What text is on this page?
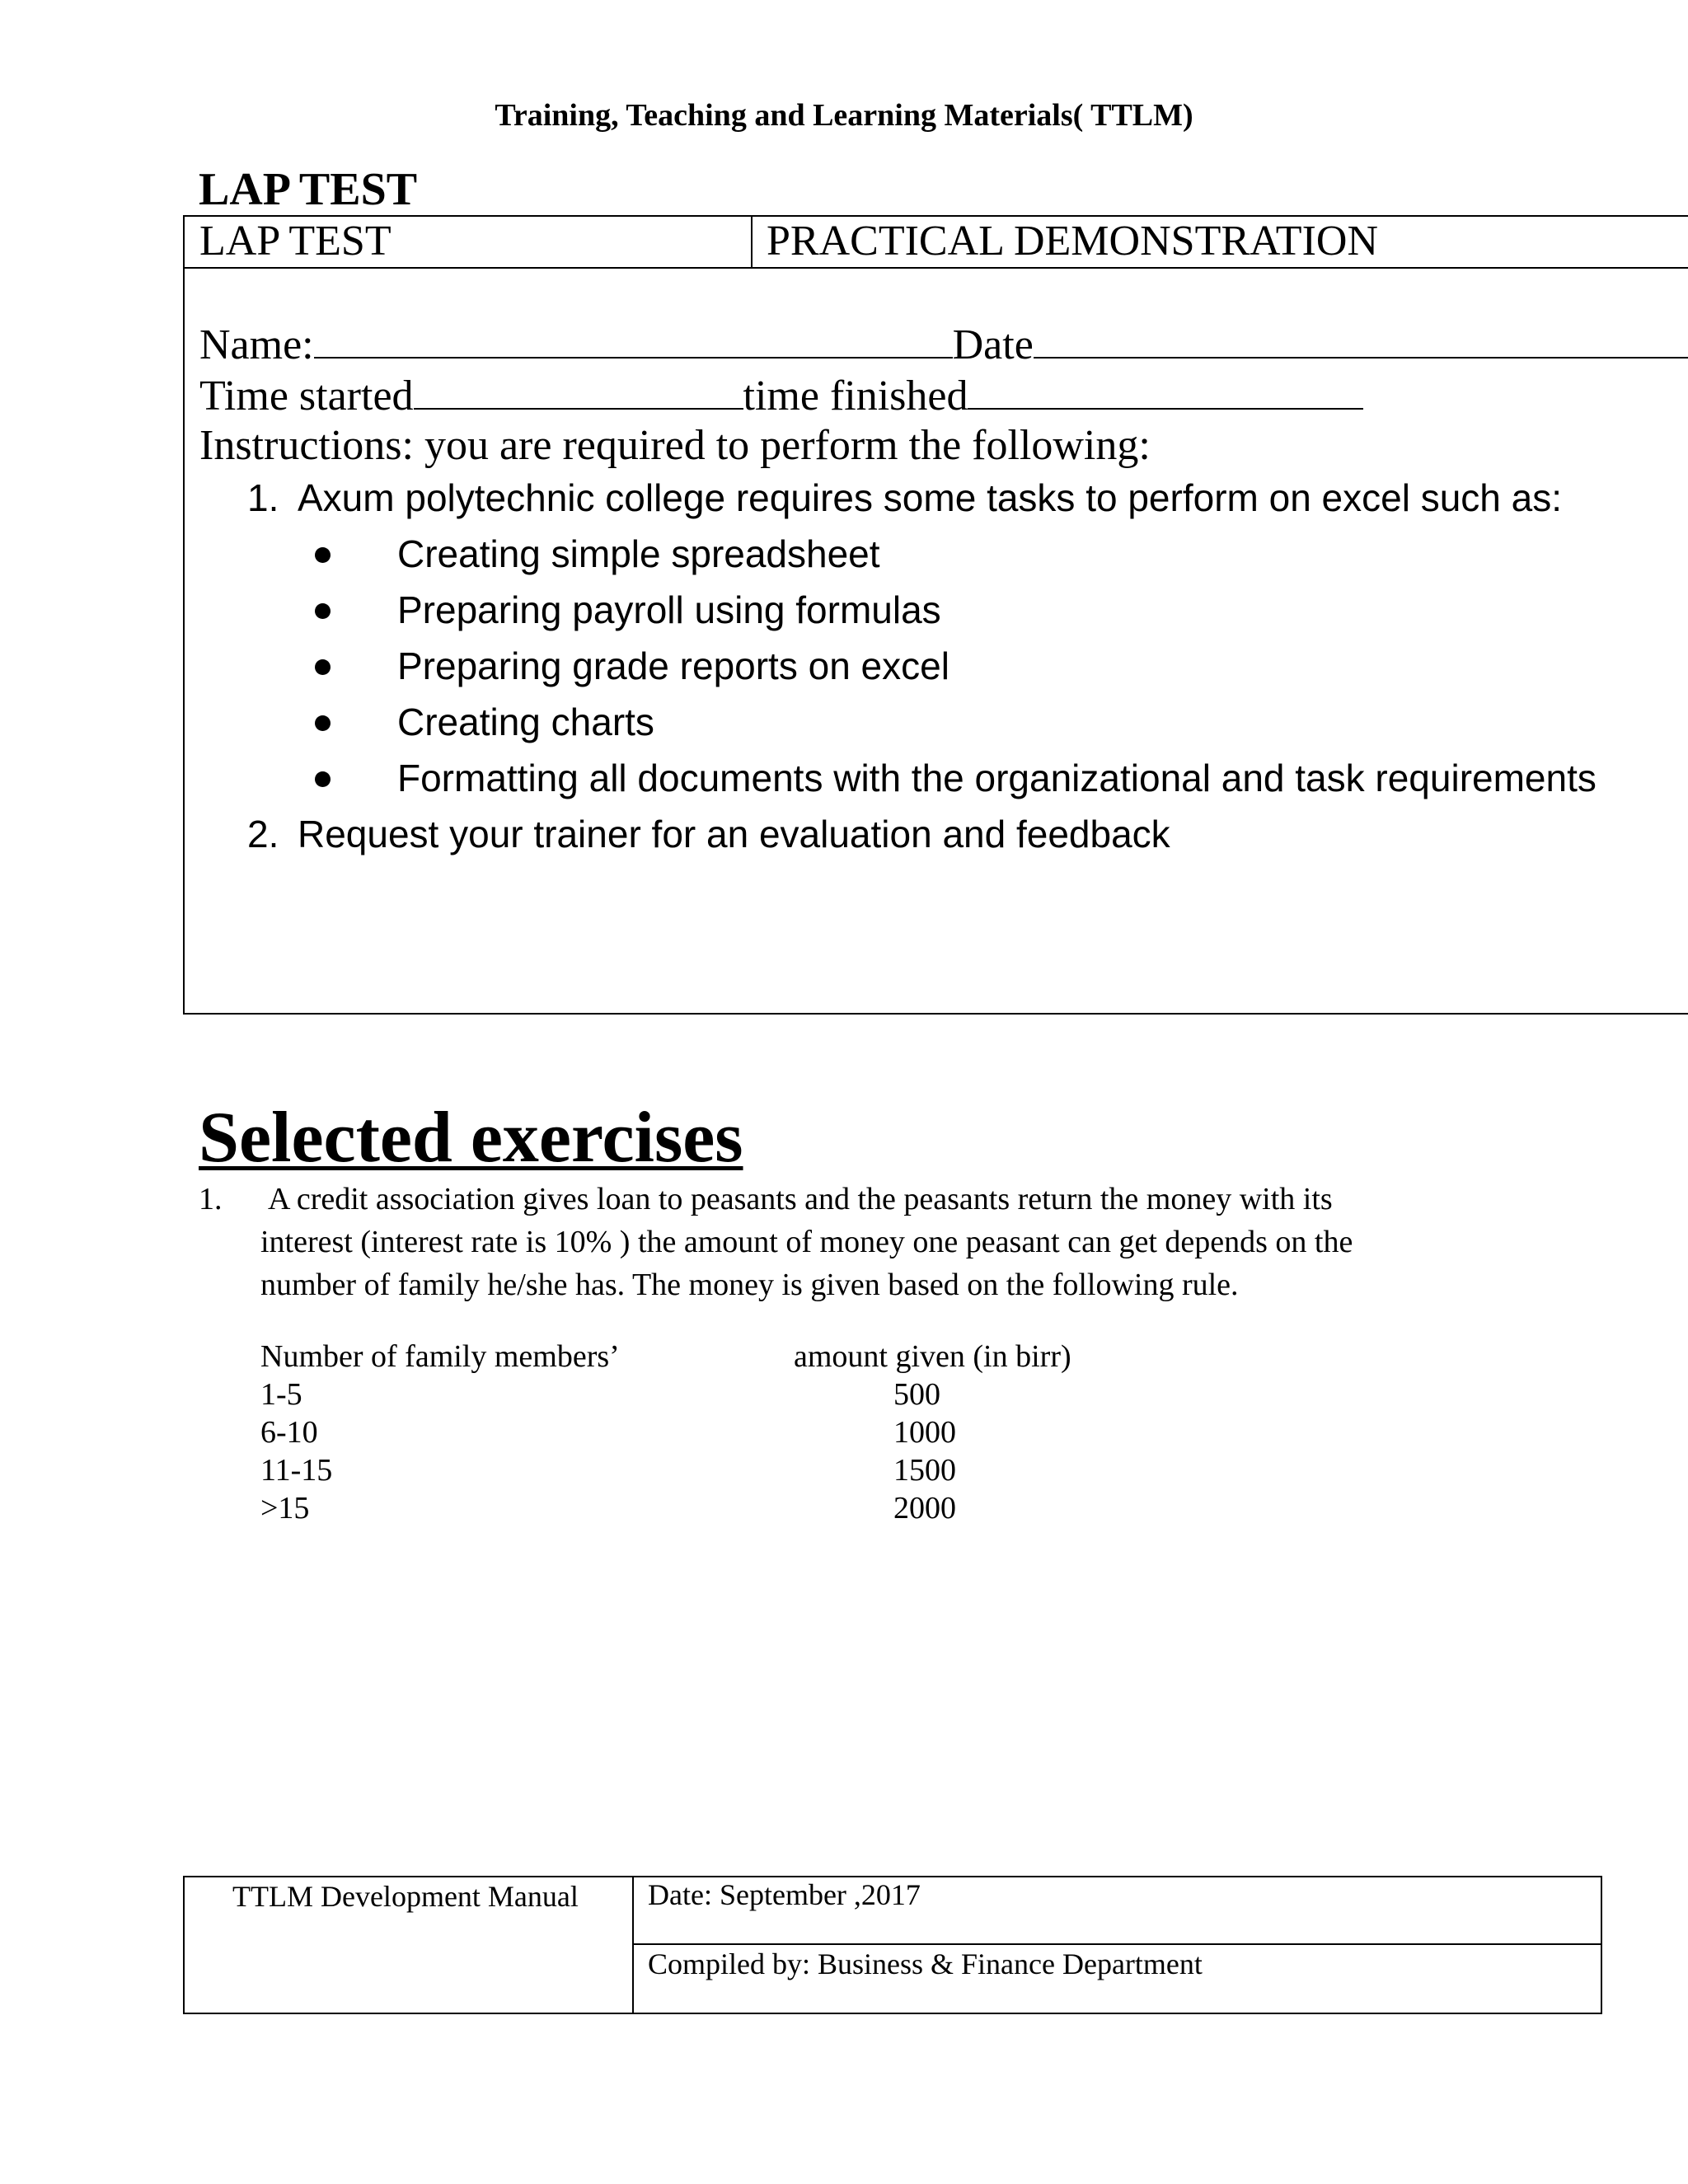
Training, Teaching and Learning Materials( TTLM)
LAP TEST
LAP TEST	PRACTICAL DEMONSTRATION
Name:	Date
Time started	time finished
Instructions: you are required to perform the following:
1. Axum polytechnic college requires some tasks to perform on excel such as:
Creating simple spreadsheet
Preparing payroll using formulas
Preparing grade reports on excel
Creating charts
Formatting all documents with the organizational and task requirements
2. Request your trainer for an evaluation and feedback
Selected exercises
1. A credit association gives loan to peasants and the peasants return the money with its
interest (interest rate is 10% ) the amount of money one peasant can get depends on the
number of family he/she has. The money is given based on the following rule.
Number of family members’	amount given (in birr)
1-5	500
6-10	1000
11-15	1500
>15	2000
TTLM Development Manual Date: September ,2017
Compiled by: Business & Finance Department
